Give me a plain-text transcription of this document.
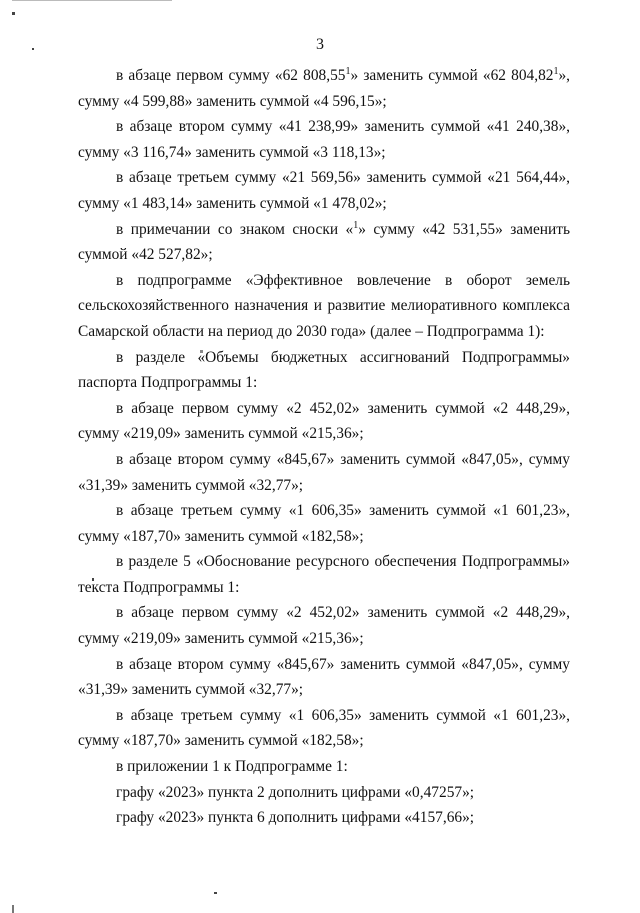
3

в абзаце первом сумму «62 808,55$^1$» заменить суммой «62 804,82$^1$», сумму «4 599,88» заменить суммой «4 596,15»;

в абзаце втором сумму «41 238,99» заменить суммой «41 240,38», сумму «3 116,74» заменить суммой «3 118,13»;

в абзаце третьем сумму «21 569,56» заменить суммой «21 564,44», сумму «1 483,14» заменить суммой «1 478,02»;

в примечании со знаком сноски «$^1$» сумму «42 531,55» заменить суммой «42 527,82»;

в подпрограмме «Эффективное вовлечение в оборот земель сельскохозяйственного назначения и развитие мелиоративного комплекса Самарской области на период до 2030 года» (далее – Подпрограмма 1):

в разделе «Объемы бюджетных ассигнований Подпрограммы» паспорта Подпрограммы 1:

в абзаце первом сумму «2 452,02» заменить суммой «2 448,29», сумму «219,09» заменить суммой «215,36»;

в абзаце втором сумму «845,67» заменить суммой «847,05», сумму «31,39» заменить суммой «32,77»;

в абзаце третьем сумму «1 606,35» заменить суммой «1 601,23», сумму «187,70» заменить суммой «182,58»;

в разделе 5 «Обоснование ресурсного обеспечения Подпрограммы» текста Подпрограммы 1:

в абзаце первом сумму «2 452,02» заменить суммой «2 448,29», сумму «219,09» заменить суммой «215,36»;

в абзаце втором сумму «845,67» заменить суммой «847,05», сумму «31,39» заменить суммой «32,77»;

в абзаце третьем сумму «1 606,35» заменить суммой «1 601,23», сумму «187,70» заменить суммой «182,58»;

в приложении 1 к Подпрограмме 1:

графу «2023» пункта 2 дополнить цифрами «0,47257»;

графу «2023» пункта 6 дополнить цифрами «4157,66»;
